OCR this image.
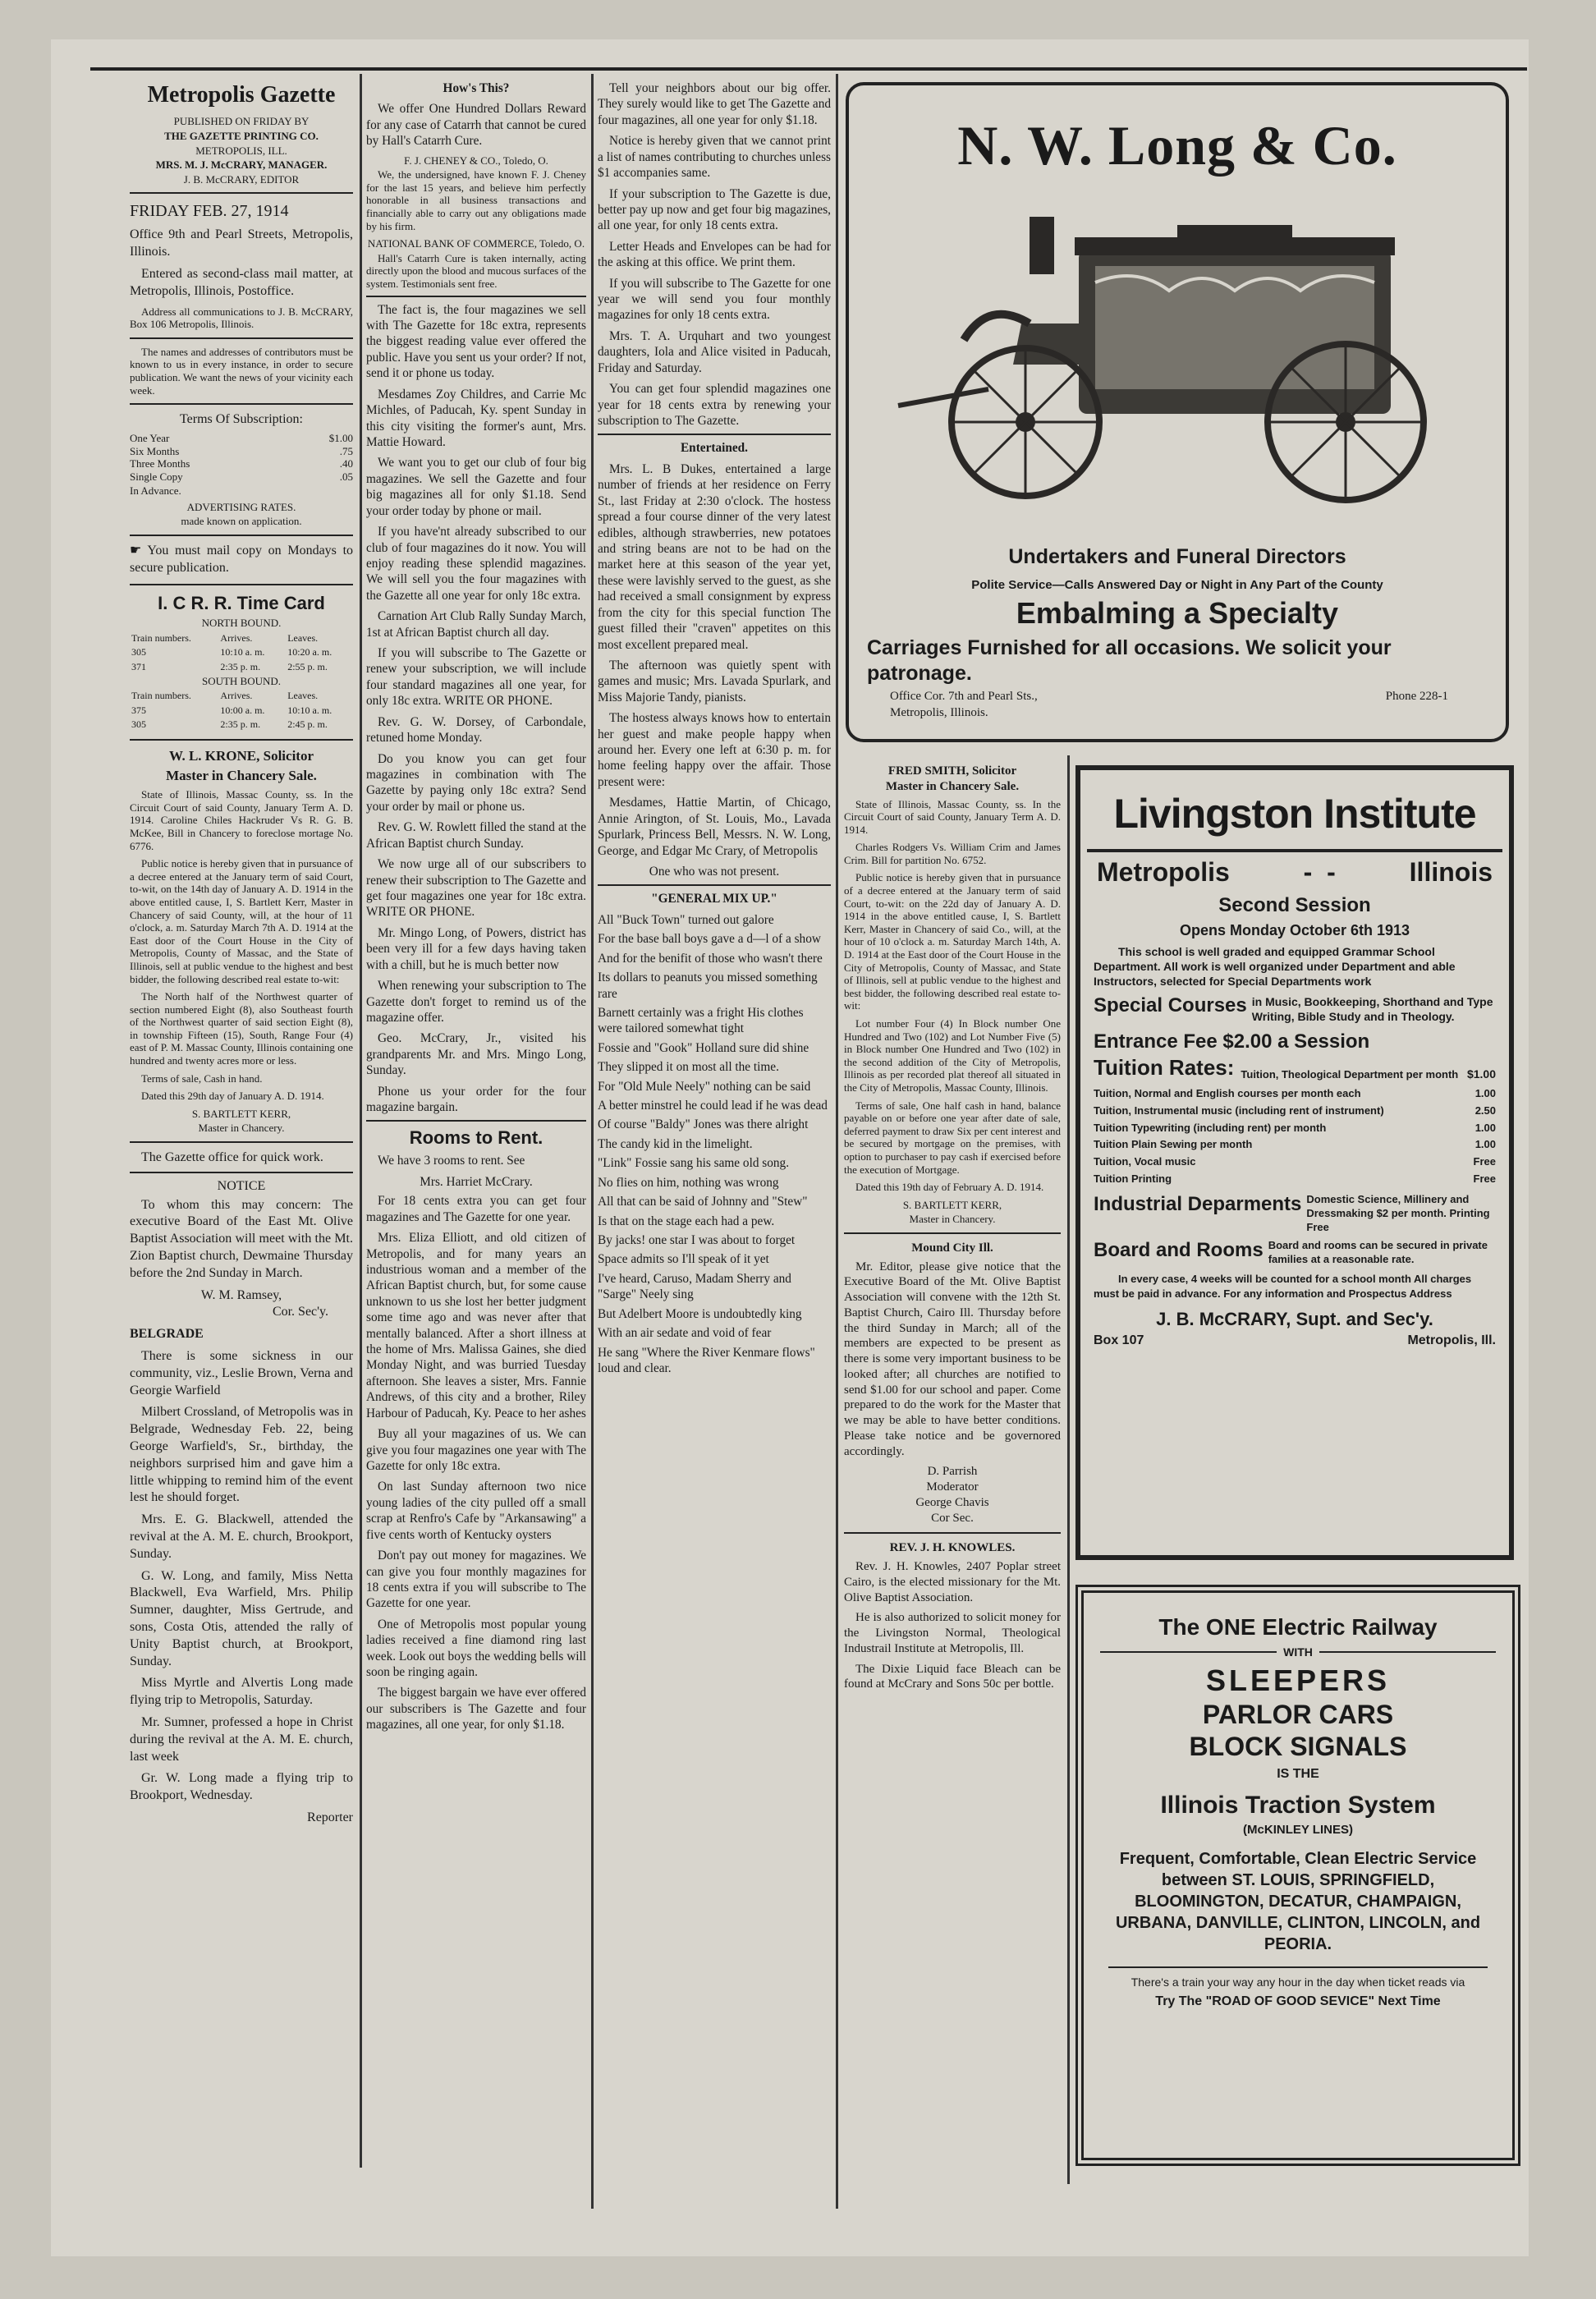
Metropolis Gazette
PUBLISHED ON FRIDAY BY
THE GAZETTE PRINTING CO.
METROPOLIS, ILL.
MRS. M. J. McCRARY, MANAGER.
J. B. McCRARY, EDITOR
FRIDAY FEB. 27, 1914

Office 9th and Pearl Streets, Metropolis, Illinois.

Entered as second-class mail matter, at Metropolis, Illinois, Postoffice.

Address all communications to J. B. McCRARY, Box 106 Metropolis, Illinois.

The names and addresses of contributors must be known to us in every instance, in order to secure publication. We want the news of your vicinity each week.

Terms Of Subscription:
One Year	$1.00
Six Months	.75
Three Months	.40
Single Copy	.05
In Advance.
ADVERTISING RATES.
made known on application.

☛ You must mail copy on Mondays to secure publication.

I. C R. R. Time Card
NORTH BOUND.
Train numbers.	Arrives.	Leaves.
305	10:10 a. m.	10:20 a. m.
371	2:35 p. m.	2:55 p. m.
SOUTH BOUND.
Train numbers.	Arrives.	Leaves.
375	10:00 a. m.	10:10 a. m.
305	2:35 p. m.	2:45 p. m.
W. L. KRONE, Solicitor
Master in Chancery Sale.

State of Illinois, Massac County, ss. In the Circuit Court of said County, January Term A. D. 1914. Caroline Chiles Hackruder Vs R. G. B. McKee, Bill in Chancery to foreclose mortage No. 6776.

Public notice is hereby given that in pursuance of a decree entered at the January term of said Court, to-wit, on the 14th day of January A. D. 1914 in the above entitled cause, I, S. Bartlett Kerr, Master in Chancery of said County, will, at the hour of 11 o'clock, a. m. Saturday March 7th A. D. 1914 at the East door of the Court House in the City of Metropolis, County of Massac, and the State of Illinois, sell at public vendue to the highest and best bidder, the following described real estate to-wit:

The North half of the Northwest quarter of section numbered Eight (8), also Southeast fourth of the Northwest quarter of said section Eight (8), in township Fifteen (15), South, Range Four (4) east of P. M. Massac County, Illinois containing one hundred and twenty acres more or less.

Terms of sale, Cash in hand.

Dated this 29th day of January A. D. 1914.

S. BARTLETT KERR,
Master in Chancery.

The Gazette office for quick work.

NOTICE

To whom this may concern: The executive Board of the East Mt. Olive Baptist Association will meet with the Mt. Zion Baptist church, Dewmaine Thursday before the 2nd Sunday in March.

W. M. Ramsey,
Cor. Sec'y.
BELGRADE

There is some sickness in our community, viz., Leslie Brown, Verna and Georgie Warfield

Milbert Crossland, of Metropolis was in Belgrade, Wednesday Feb. 22, being George Warfield's, Sr., birthday, the neighbors surprised him and gave him a little whipping to remind him of the event lest he should forget.

Mrs. E. G. Blackwell, attended the revival at the A. M. E. church, Brookport, Sunday.

G. W. Long, and family, Miss Netta Blackwell, Eva Warfield, Mrs. Philip Sumner, daughter, Miss Gertrude, and sons, Costa Otis, attended the rally of Unity Baptist church, at Brookport, Sunday.

Miss Myrtle and Alvertis Long made flying trip to Metropolis, Saturday.

Mr. Sumner, professed a hope in Christ during the revival at the A. M. E. church, last week

Gr. W. Long made a flying trip to Brookport, Wednesday.

Reporter
How's This?

We offer One Hundred Dollars Reward for any case of Catarrh that cannot be cured by Hall's Catarrh Cure.

F. J. CHENEY & CO., Toledo, O.

We, the undersigned, have known F. J. Cheney for the last 15 years, and believe him perfectly honorable in all business transactions and financially able to carry out any obligations made by his firm.

NATIONAL BANK OF COMMERCE, Toledo, O.

Hall's Catarrh Cure is taken internally, acting directly upon the blood and mucous surfaces of the system. Testimonials sent free.

The fact is, the four magazines we sell with The Gazette for 18c extra, represents the biggest reading value ever offered the public. Have you sent us your order? If not, send it or phone us today.

Mesdames Zoy Childres, and Carrie Mc Michles, of Paducah, Ky. spent Sunday in this city visiting the former's aunt, Mrs. Mattie Howard.

We want you to get our club of four big magazines. We sell the Gazette and four big magazines all for only $1.18. Send your order today by phone or mail.

If you have'nt already subscribed to our club of four magazines do it now. You will enjoy reading these splendid magazines. We will sell you the four magazines with the Gazette all one year for only 18c extra.

Carnation Art Club Rally Sunday March, 1st at African Baptist church all day.

If you will subscribe to The Gazette or renew your subscription, we will include four standard magazines all one year, for only 18c extra. WRITE OR PHONE.

Rev. G. W. Dorsey, of Carbondale, retuned home Monday.

Do you know you can get four magazines in combination with The Gazette by paying only 18c extra? Send your order by mail or phone us.

Rev. G. W. Rowlett filled the stand at the African Baptist church Sunday.

We now urge all of our subscribers to renew their subscription to The Gazette and get four magazines one year for 18c extra. WRITE OR PHONE.

Mr. Mingo Long, of Powers, district has been very ill for a few days having taken with a chill, but he is much better now

When renewing your subscription to The Gazette don't forget to remind us of the magazine offer.

Geo. McCrary, Jr., visited his grandparents Mr. and Mrs. Mingo Long, Sunday.

Phone us your order for the four magazine bargain.

Rooms to Rent.

We have 3 rooms to rent. See

Mrs. Harriet McCrary.

For 18 cents extra you can get four magazines and The Gazette for one year.

Mrs. Eliza Elliott, and old citizen of Metropolis, and for many years an industrious woman and a member of the African Baptist church, but, for some cause unknown to us she lost her better judgment some time ago and was never after that mentally balanced. After a short illness at the home of Mrs. Malissa Gaines, she died Monday Night, and was burried Tuesday afternoon. She leaves a sister, Mrs. Fannie Andrews, of this city and a brother, Riley Harbour of Paducah, Ky. Peace to her ashes

Buy all your magazines of us. We can give you four magazines one year with The Gazette for only 18c extra.

On last Sunday afternoon two nice young ladies of the city pulled off a small scrap at Renfro's Cafe by "Arkansawing" a five cents worth of Kentucky oysters

Don't pay out money for magazines. We can give you four monthly magazines for 18 cents extra if you will subscribe to The Gazette for one year.

One of Metropolis most popular young ladies received a fine diamond ring last week. Look out boys the wedding bells will soon be ringing again.

The biggest bargain we have ever offered our subscribers is The Gazette and four magazines, all one year, for only $1.18.

Tell your neighbors about our big offer. They surely would like to get The Gazette and four magazines, all one year for only $1.18.

Notice is hereby given that we cannot print a list of names contributing to churches unless $1 accompanies same.

If your subscription to The Gazette is due, better pay up now and get four big magazines, all one year, for only 18 cents extra.

Letter Heads and Envelopes can be had for the asking at this office. We print them.

If you will subscribe to The Gazette for one year we will send you four monthly magazines for only 18 cents extra.

Mrs. T. A. Urquhart and two youngest daughters, Iola and Alice visited in Paducah, Friday and Saturday.

You can get four splendid magazines one year for 18 cents extra by renewing your subscription to The Gazette.

Entertained.

Mrs. L. B Dukes, entertained a large number of friends at her residence on Ferry St., last Friday at 2:30 o'clock. The hostess spread a four course dinner of the very latest edibles, although strawberries, new potatoes and string beans are not to be had on the market here at this season of the year yet, these were lavishly served to the guest, as she had received a small consignment by express from the city for this special function The guest filled their "craven" appetites on this most excellent prepared meal.

The afternoon was quietly spent with games and music; Mrs. Lavada Spurlark, and Miss Majorie Tandy, pianists.

The hostess always knows how to entertain her guest and make people happy when around her. Every one left at 6:30 p. m. for home feeling happy over the affair. Those present were:

Mesdames, Hattie Martin, of Chicago, Annie Arington, of St. Louis, Mo., Lavada Spurlark, Princess Bell, Messrs. N. W. Long, George, and Edgar Mc Crary, of Metropolis

One who was not present.
"GENERAL MIX UP."

All "Buck Town" turned out galore

For the base ball boys gave a d—l of a show

And for the benifit of those who wasn't there

Its dollars to peanuts you missed something rare

Barnett certainly was a fright His clothes were tailored somewhat tight

Fossie and "Gook" Holland sure did shine

They slipped it on most all the time.

For "Old Mule Neely" nothing can be said

A better minstrel he could lead if he was dead

Of course "Baldy" Jones was there alright

The candy kid in the limelight.

"Link" Fossie sang his same old song.

No flies on him, nothing was wrong

All that can be said of Johnny and "Stew"

Is that on the stage each had a pew.

By jacks! one star I was about to forget

Space admits so I'll speak of it yet

I've heard, Caruso, Madam Sherry and "Sarge" Neely sing

But Adelbert Moore is undoubtedly king

With an air sedate and void of fear

He sang "Where the River Kenmare flows" loud and clear.

N. W. Long & Co.
Undertakers and Funeral Directors
Polite Service—Calls Answered Day or Night in Any Part of the County
Embalming a Specialty
Carriages Furnished for all occasions. We solicit your patronage.
Office Cor. 7th and Pearl Sts.,
Metropolis, Illinois.
Phone 228-1
FRED SMITH, Solicitor
Master in Chancery Sale.

State of Illinois, Massac County, ss. In the Circuit Court of said County, January Term A. D. 1914.

Charles Rodgers Vs. William Crim and James Crim. Bill for partition No. 6752.

Public notice is hereby given that in pursuance of a decree entered at the January term of said Court, to-wit: on the 22d day of January A. D. 1914 in the above entitled cause, I, S. Bartlett Kerr, Master in Chancery of said Co., will, at the hour of 10 o'clock a. m. Saturday March 14th, A. D. 1914 at the East door of the Court House in the City of Metropolis, County of Massac, and State of Illinois, sell at public vendue to the highest and best bidder, the following described real estate to-wit:

Lot number Four (4) In Block number One Hundred and Two (102) and Lot Number Five (5) in Block number One Hundred and Two (102) in the second addition of the City of Metropolis, Illinois as per recorded plat thereof all situated in the City of Metropolis, Massac County, Illinois.

Terms of sale, One half cash in hand, balance payable on or before one year after date of sale, deferred payment to draw Six per cent interest and be secured by mortgage on the premises, with option to purchaser to pay cash if exercised before the execution of Mortgage.

Dated this 19th day of February A. D. 1914.

S. BARTLETT KERR,
Master in Chancery.
Mound City Ill.

Mr. Editor, please give notice that the Executive Board of the Mt. Olive Baptist Association will convene with the 12th St. Baptist Church, Cairo Ill. Thursday before the third Sunday in March; all of the members are expected to be present as there is some very important business to be looked after; all churches are notified to send $1.00 for our school and paper. Come prepared to do the work for the Master that we may be able to have better conditions. Please take notice and be governored accordingly.

D. Parrish
Moderator
George Chavis
Cor Sec.
REV. J. H. KNOWLES.

Rev. J. H. Knowles, 2407 Poplar street Cairo, is the elected missionary for the Mt. Olive Baptist Association.

He is also authorized to solicit money for the Livingston Normal, Theological Industrail Institute at Metropolis, Ill.

The Dixie Liquid face Bleach can be found at McCrary and Sons 50c per bottle.

Livingston Institute
Metropolis	-  -	Illinois
Second Session
Opens Monday October 6th 1913
This school is well graded and equipped Grammar School Department. All work is well organized under Department and able Instructors, selected for Special Departments work
Special Courses in Music, Bookkeeping, Shorthand and Type Writing, Bible Study and in Theology.
Entrance Fee $2.00 a Session
Tuition Rates: Tuition, Theological Department per month $1.00
Tuition, Normal and English courses per month each	1.00
Tuition, Instrumental music (including rent of instrument)	2.50
Tuition Typewriting (including rent) per month	1.00
Tuition Plain Sewing per month	1.00
Tuition, Vocal music	Free
Tuition Printing	Free
Industrial Deparments Domestic Science, Millinery and Dressmaking $2 per month. Printing Free
Board and Rooms Board and rooms can be secured in private families at a reasonable rate.
In every case, 4 weeks will be counted for a school month All charges must be paid in advance. For any information and Prospectus Address
J. B. McCRARY, Supt. and Sec'y.
Box 107	Metropolis, Ill.
The ONE Electric Railway
WITH
SLEEPERS
PARLOR CARS
BLOCK SIGNALS
IS THE
Illinois Traction System
(McKINLEY LINES)
Frequent, Comfortable, Clean Electric Service between ST. LOUIS, SPRINGFIELD, BLOOMINGTON, DECATUR, CHAMPAIGN, URBANA, DANVILLE, CLINTON, LINCOLN, and PEORIA.
There's a train your way any hour in the day when ticket reads via
Try The "ROAD OF GOOD SEVICE" Next Time
